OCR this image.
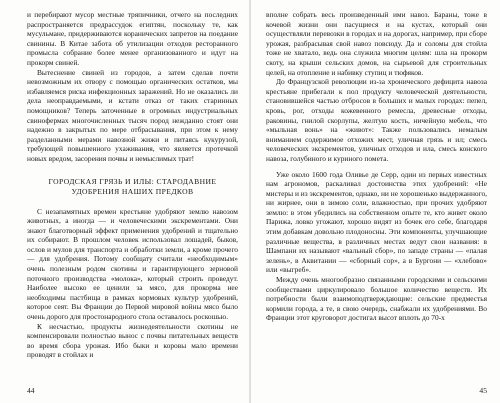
и перебирают мусор местные тряпичники, отчего на последних распространяется предрассудок египтян, поскольку те, как мусульмане, придерживаются коранических запретов на поедание свинины. В Китае забота об утилизации отходов ресторанного промысла собрание более менее организованного и идут на прокорм свиней.

Вытеснение свиней из городов, а затем сделав почти невозможным их отвору с помощью органических остатков, мы избавляемся риска инфекционных заражений. Но не оказались ли дела неоправдаемыми, и кстати отказ от таких старинных помощников? Теперь заточенные в огромных индустриальных свинофермах многочисленных тысяч пород нежданно стоят они надежно в закрытых по мере отбрасывания, при этом к нему разделанными мерами навозной жижи и питаясь кукурузой, требующей повышенного ухаживания, что является протечкой новых вредом, засорения почвы и немыслимых трат!

ГОРОДСКАЯ ГРЯЗЬ И ИЛЫ: СТАРОДАВНИЕ УДОБРЕНИЯ НАШИХ ПРЕДКОВ

С незапамятных времен крестьяне удобряют землю навозом животных, а иногда — и человеческими экскрементами. Они знают благотворный эффект применения удобрений и тщательно их собирают. В прошлом человек использовал лошадей, быков, ослов и мулов для транспорта и обработки земли, а кроме прочего — для удобрения. Потому сообщату считали «необходимым» очень полезным родом скотины и гарантирующего зерновой поточного производства «молока», который строить проведут. Наиболее высоко ее ценили за мясо, для прокорма нее необходимы пастбища в рамках кормовых культур удобрений, которое сеят. Вы Франции до Первой мировой войны мясо было очень дорого для простонародного стола оставалось роскошью.

К несчастью, продукты жизнедеятельности скотины не компенсировали полностью вынос с почвы питательных веществ во время сбора урожая. Ибо быки и коровы мало времени проводят в стойлах и

44

вполне собрать весь произведенный ими навоз. Бараны, тоже в кочевой жизни они пасущиеся и на кустах, который они осуществляли перевозки в городах и на дорогах, например, при сборе урожая, разбрасывая свой навоз повсюду. Да и соломы для стойла тоже не хватало, ведь она служила многим целям: шла на прокорм скоту, на крыши сельских домов, на сырьевой для строительных целей, на отопление и набивку ступиц и тюфяков.

До Французской революции из-за хронического дефицита навоза крестьяне прибегали к пол продукту человеческой деятельности, становившейся частью отбросов в больших и малых городах: пепел, кровь, рог, отходы кожевенного ремесла, древесные отходы, раковины, гнилой скорлупы, желтую кость, ничейную мебель, что «мыльная вонь» на «живот»: Также пользовались немалым вниманием содержимое отхожих мест, уличная грязь и ил; смесь человеческих экскрементов, уличных отходов и ила, смесь конского навоза, голубиного и куриного помета.

Уже около 1600 года Оливье де Серр, один из первых известных нам агрономов, раскаливал достоинства этих удобрений: «Не мистеры и из экскрементов, однако, ни не хорошенько выдержанного, ни жирнее, они в зимою соли, влажностью, при прочих удобряют землю: в этом убедились на собственном опыте те, кто живет около Парижа, ловко угожают, хорошо видят из бочек его себе, благодаря этим добавкам довольно плодоносны. Эти компоненты, улучшающие различные вещества, в различных местах ведут свои названия: в Шампани их называют «вальный сбор», по западе страны — «палая зелень», в Аквитании — «сборный сор», а в Бургони — «хлебово» или «выгреб».

Между очень многообразно связанными городскими и сельскими сообществами циркулировало большое количество веществ. Их потребности были взаимоподтверждающие: сельские предместья кормили города, а те, в свою очередь, снабжали их удобрениями. Во Франции этот круговорот достигал высот вплоть до 70-х

45
